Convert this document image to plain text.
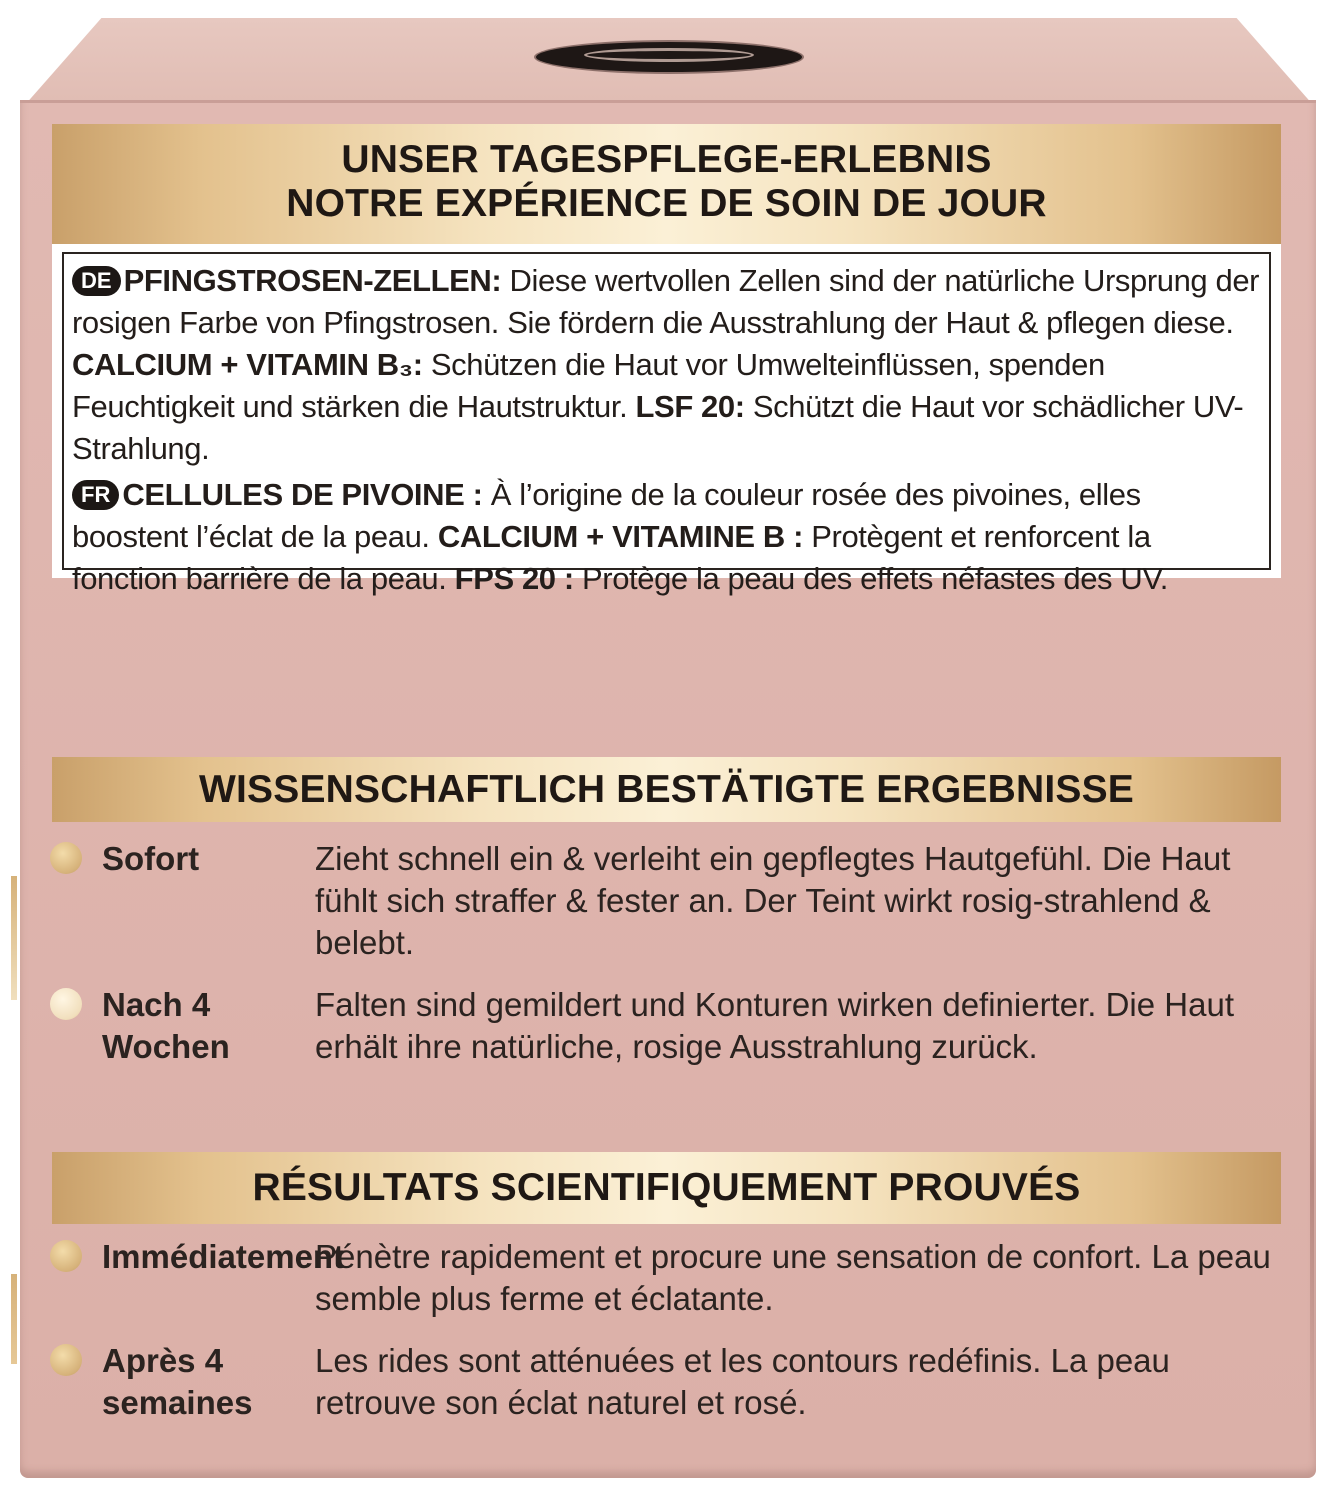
UNSER TAGESPFLEGE-ERLEBNIS
NOTRE EXPÉRIENCE DE SOIN DE JOUR

DE PFINGSTROSEN-ZELLEN: Diese wertvollen Zellen sind der natürliche Ursprung der rosigen Farbe von Pfingstrosen. Sie fördern die Ausstrahlung der Haut & pflegen diese.
CALCIUM + VITAMIN B₃: Schützen die Haut vor Umwelteinflüssen, spenden Feuchtigkeit und stärken die Hautstruktur. LSF 20: Schützt die Haut vor schädlicher UV-Strahlung.

FR CELLULES DE PIVOINE : À l’origine de la couleur rosée des pivoines, elles boostent l’éclat de la peau. CALCIUM + VITAMINE B : Protègent et renforcent la fonction barrière de la peau. FPS 20 : Protège la peau des effets néfastes des UV.

WISSENSCHAFTLICH BESTÄTIGTE ERGEBNISSE
Sofort	Zieht schnell ein & verleiht ein gepflegtes Hautgefühl. Die Haut fühlt sich straffer & fester an. Der Teint wirkt rosig-strahlend & belebt.
Nach 4 Wochen
Falten sind gemildert und Konturen wirken definierter. Die Haut erhält ihre natürliche, rosige Ausstrahlung zurück.
RÉSULTATS SCIENTIFIQUEMENT PROUVÉS
Immédiatement
Pénètre rapidement et procure une sensation de confort. La peau semble plus ferme et éclatante.
Après 4 semaines
Les rides sont atténuées et les contours redéfinis. La peau retrouve son éclat naturel et rosé.
